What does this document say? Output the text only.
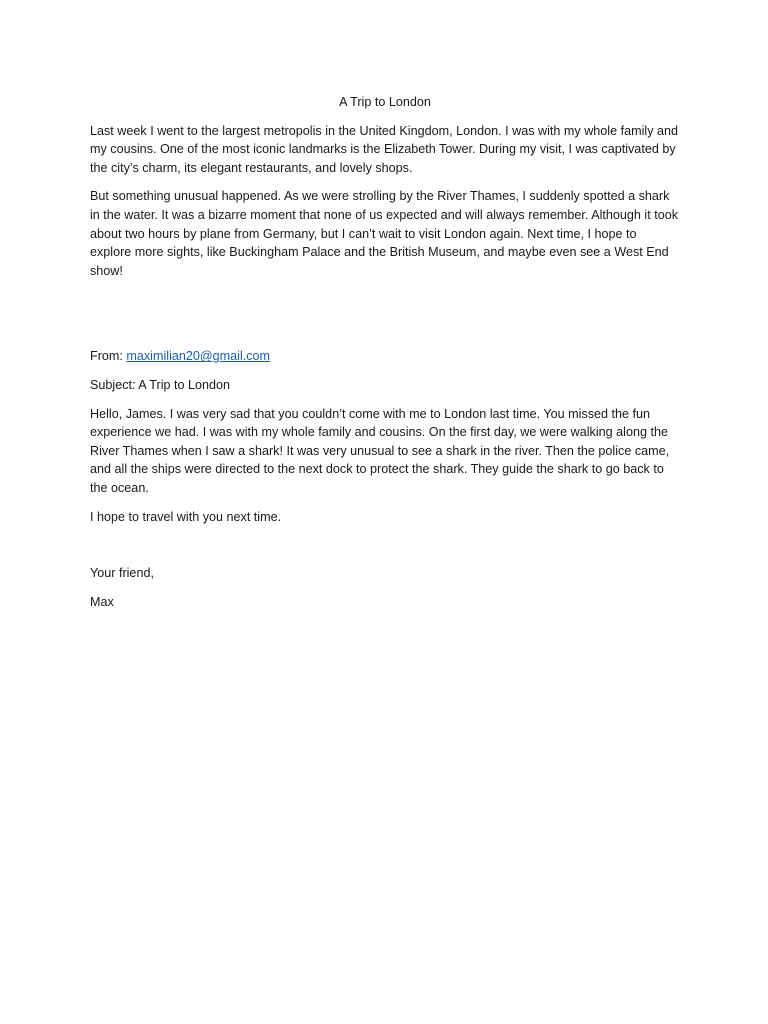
A Trip to London

Last week I went to the largest metropolis in the United Kingdom, London. I was with my whole family and my cousins. One of the most iconic landmarks is the Elizabeth Tower. During my visit, I was captivated by the city’s charm, its elegant restaurants, and lovely shops.

But something unusual happened. As we were strolling by the River Thames, I suddenly spotted a shark in the water. It was a bizarre moment that none of us expected and will always remember. Although it took about two hours by plane from Germany, but I can’t wait to visit London again. Next time, I hope to explore more sights, like Buckingham Palace and the British Museum, and maybe even see a West End show!

From: maximilian20@gmail.com

Subject: A Trip to London

Hello, James. I was very sad that you couldn’t come with me to London last time. You missed the fun experience we had. I was with my whole family and cousins. On the first day, we were walking along the River Thames when I saw a shark! It was very unusual to see a shark in the river. Then the police came, and all the ships were directed to the next dock to protect the shark. They guide the shark to go back to the ocean.

I hope to travel with you next time.

Your friend,

Max
